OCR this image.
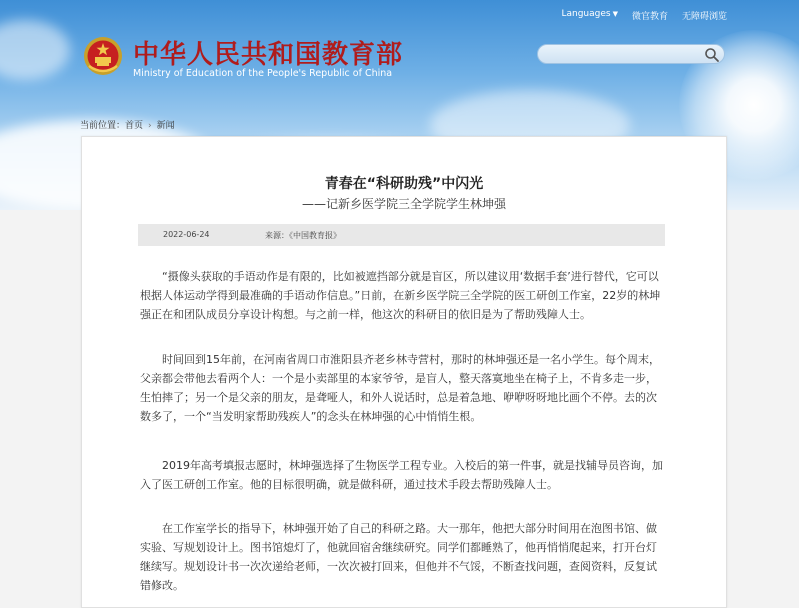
Languages ▼ 微官教育 无障碍浏览
中华人民共和国教育部
Ministry of Education of the People's Republic of China
当前位置：首页 › 新闻
青春在“科研助残”中闪光
——记新乡医学院三全学院学生林坤强
2022-06-24	来源：《中国教育报》

“摄像头获取的手语动作是有限的，比如被遮挡部分就是盲区，所以建议用‘数据手套’进行替代，它可以根据人体运动学得到最准确的手语动作信息。”日前，在新乡医学院三全学院的医工研创工作室，22岁的林坤强正在和团队成员分享设计构想。与之前一样，他这次的科研目的依旧是为了帮助残障人士。

时间回到15年前，在河南省周口市淮阳县齐老乡林寺营村，那时的林坤强还是一名小学生。每个周末，父亲都会带他去看两个人：一个是小卖部里的本家爷爷，是盲人，整天落寞地坐在椅子上，不肯多走一步，生怕摔了；另一个是父亲的朋友，是聋哑人，和外人说话时，总是着急地、咿咿呀呀地比画个不停。去的次数多了，一个“当发明家帮助残疾人”的念头在林坤强的心中悄悄生根。

2019年高考填报志愿时，林坤强选择了生物医学工程专业。入校后的第一件事，就是找辅导员咨询，加入了医工研创工作室。他的目标很明确，就是做科研，通过技术手段去帮助残障人士。

在工作室学长的指导下，林坤强开始了自己的科研之路。大一那年，他把大部分时间用在泡图书馆、做实验、写规划设计上。图书馆熄灯了，他就回宿舍继续研究。同学们都睡熟了，他再悄悄爬起来，打开台灯继续写。规划设计书一次次递给老师，一次次被打回来，但他并不气馁，不断查找问题，查阅资料，反复试错修改。
